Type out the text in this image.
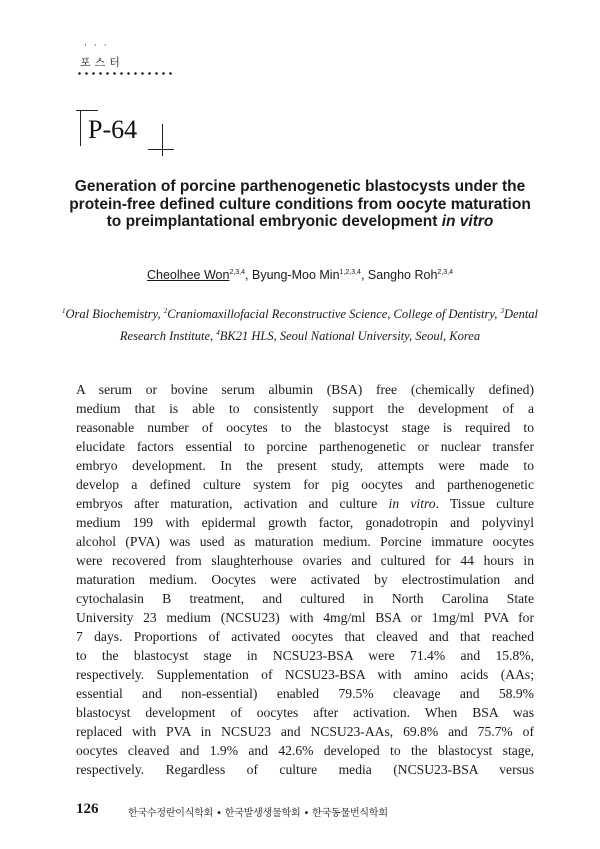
···
포스터
P-64
Generation of porcine parthenogenetic blastocysts under the protein-free defined culture conditions from oocyte maturation to preimplantational embryonic development in vitro
Cheolhee Won$^{2,3,4}$, Byung-Moo Min$^{1,2,3,4}$, Sangho Roh$^{2,3,4}$
$^1$Oral Biochemistry, $^2$Craniomaxillofacial Reconstructive Science, College of Dentistry, $^3$Dental Research Institute, $^4$BK21 HLS, Seoul National University, Seoul, Korea

A serum or bovine serum albumin (BSA) free (chemically defined)

medium that is able to consistently support the development of a

reasonable number of oocytes to the blastocyst stage is required to

elucidate factors essential to porcine parthenogenetic or nuclear transfer

embryo development. In the present study, attempts were made to

develop a defined culture system for pig oocytes and parthenogenetic

embryos after maturation, activation and culture in vitro. Tissue culture

medium 199 with epidermal growth factor, gonadotropin and polyvinyl

alcohol (PVA) was used as maturation medium. Porcine immature oocytes

were recovered from slaughterhouse ovaries and cultured for 44 hours in

maturation medium. Oocytes were activated by electrostimulation and

cytochalasin B treatment, and cultured in North Carolina State

University 23 medium (NCSU23) with 4mg/ml BSA or 1mg/ml PVA for

7 days. Proportions of activated oocytes that cleaved and that reached

to the blastocyst stage in NCSU23-BSA were 71.4% and 15.8%,

respectively. Supplementation of NCSU23-BSA with amino acids (AAs;

essential and non-essential) enabled 79.5% cleavage and 58.9%

blastocyst development of oocytes after activation. When BSA was

replaced with PVA in NCSU23 and NCSU23-AAs, 69.8% and 75.7% of

oocytes cleaved and 1.9% and 42.6% developed to the blastocyst stage,

respectively. Regardless of culture media (NCSU23-BSA versus

126	한국수정란이식학회 • 한국발생생물학회 • 한국동물번식학회
